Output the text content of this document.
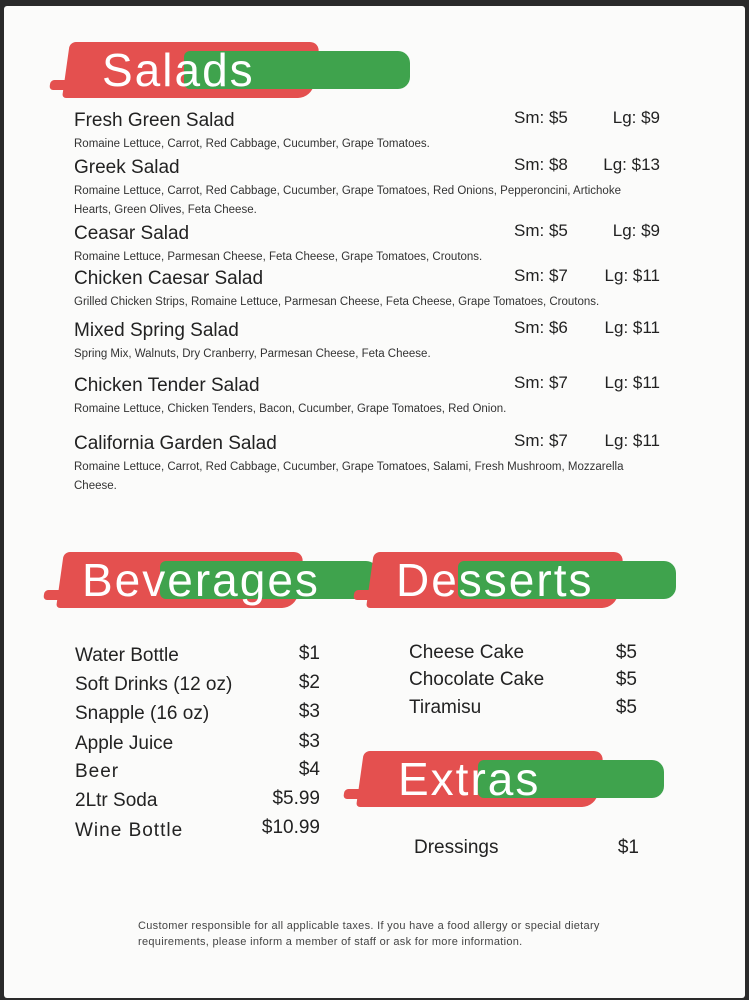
Salads
Fresh Green Salad	Sm: $5	Lg: $9
Romaine Lettuce, Carrot, Red Cabbage, Cucumber, Grape Tomatoes.
Greek Salad	Sm: $8 Lg: $13
Romaine Lettuce, Carrot, Red Cabbage, Cucumber, Grape Tomatoes, Red Onions, Pepperoncini, Artichoke Hearts, Green Olives, Feta Cheese.
Ceasar Salad	Sm: $5	Lg: $9
Romaine Lettuce, Parmesan Cheese, Feta Cheese, Grape Tomatoes, Croutons.
Chicken Caesar Salad	Sm: $7 Lg: $11
Grilled Chicken Strips, Romaine Lettuce, Parmesan Cheese, Feta Cheese, Grape Tomatoes, Croutons.
Mixed Spring Salad	Sm: $6 Lg: $11
Spring Mix, Walnuts, Dry Cranberry, Parmesan Cheese, Feta Cheese.
Chicken Tender Salad	Sm: $7 Lg: $11
Romaine Lettuce, Chicken Tenders, Bacon, Cucumber, Grape Tomatoes, Red Onion.
California Garden Salad	Sm: $7 Lg: $11
Romaine Lettuce, Carrot, Red Cabbage, Cucumber, Grape Tomatoes, Salami, Fresh Mushroom, Mozzarella Cheese.
Beverages Desserts
Water Bottle	$1
Soft Drinks (12 oz)	$2
Snapple (16 oz)	$3
Apple Juice	$3
Beer	$4
2Ltr Soda	$5.99
Wine Bottle	$10.99
Cheese Cake	$5
Chocolate Cake	$5
Tiramisu	$5
Extras
Dressings	$1
Customer responsible for all applicable taxes. If you have a food allergy or special dietary requirements, please inform a member of staff or ask for more information.
